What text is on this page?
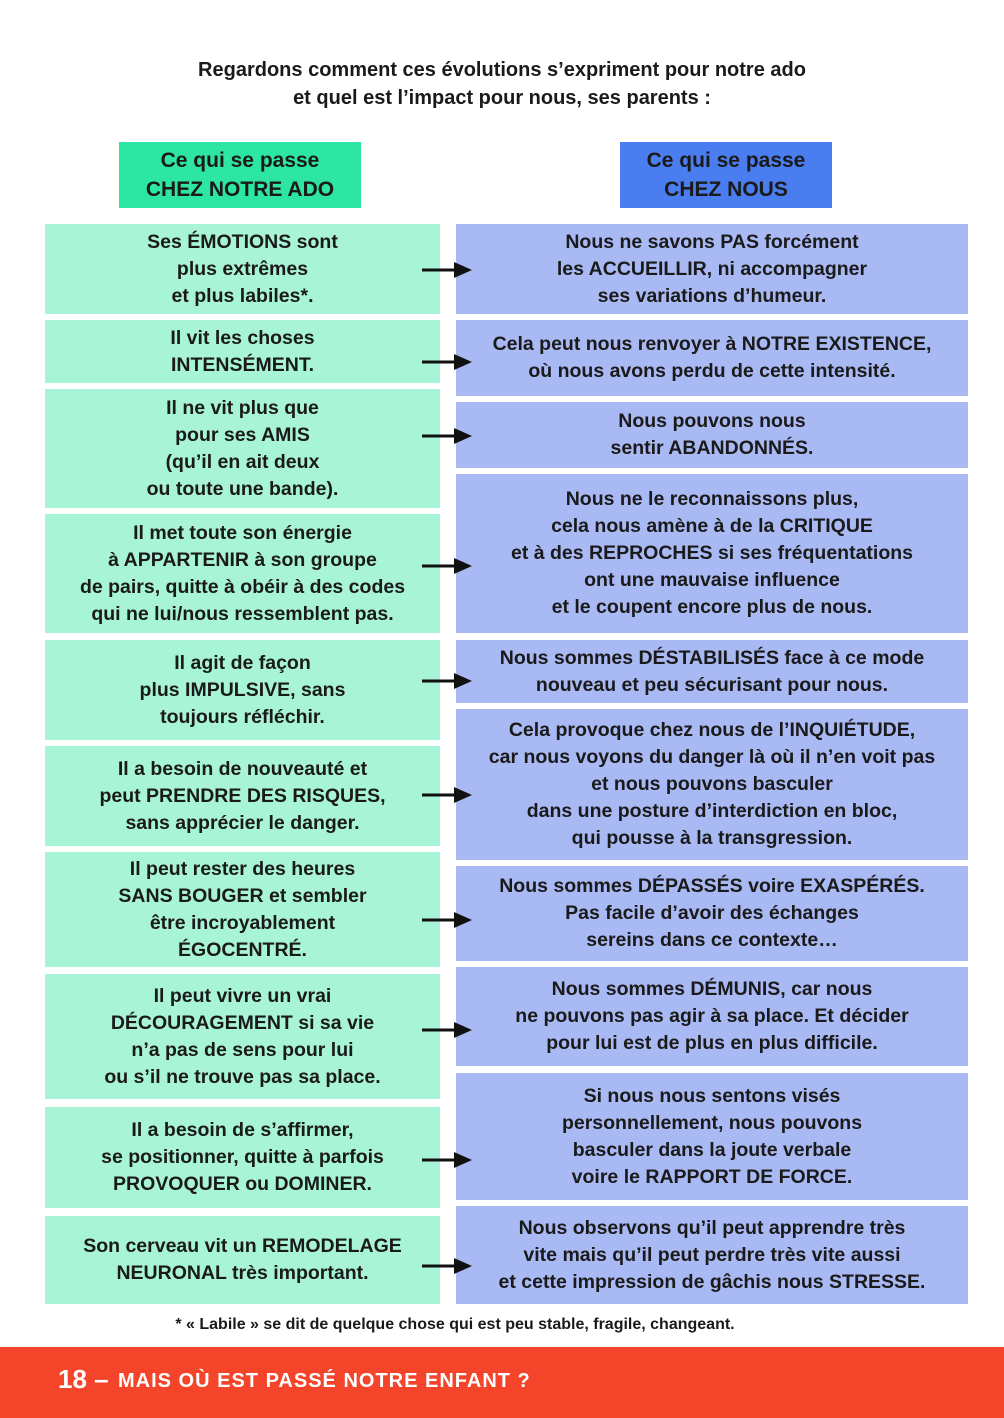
Regardons comment ces évolutions s’expriment pour notre ado
et quel est l’impact pour nous, ses parents :
Ce qui se passe
CHEZ NOTRE ADO
Ce qui se passe
CHEZ NOUS
Ses ÉMOTIONS sont
plus extrêmes
et plus labiles*.
Il vit les choses
INTENSÉMENT.
Il ne vit plus que
pour ses AMIS
(qu’il en ait deux
ou toute une bande).
Il met toute son énergie
à APPARTENIR à son groupe
de pairs, quitte à obéir à des codes
qui ne lui/nous ressemblent pas.
Il agit de façon
plus IMPULSIVE, sans
toujours réfléchir.
Il a besoin de nouveauté et
peut PRENDRE DES RISQUES,
sans apprécier le danger.
Il peut rester des heures
SANS BOUGER et sembler
être incroyablement
ÉGOCENTRÉ.
Il peut vivre un vrai
DÉCOURAGEMENT si sa vie
n’a pas de sens pour lui
ou s’il ne trouve pas sa place.
Il a besoin de s’affirmer,
se positionner, quitte à parfois
PROVOQUER ou DOMINER.
Son cerveau vit un REMODELAGE
NEURONAL très important.
Nous ne savons PAS forcément
les ACCUEILLIR, ni accompagner
ses variations d’humeur.
Cela peut nous renvoyer à NOTRE EXISTENCE,
où nous avons perdu de cette intensité.
Nous pouvons nous
sentir ABANDONNÉS.
Nous ne le reconnaissons plus,
cela nous amène à de la CRITIQUE
et à des REPROCHES si ses fréquentations
ont une mauvaise influence
et le coupent encore plus de nous.
Nous sommes DÉSTABILISÉS face à ce mode
nouveau et peu sécurisant pour nous.
Cela provoque chez nous de l’INQUIÉTUDE,
car nous voyons du danger là où il n’en voit pas
et nous pouvons basculer
dans une posture d’interdiction en bloc,
qui pousse à la transgression.
Nous sommes DÉPASSÉS voire EXASPÉRÉS.
Pas facile d’avoir des échanges
sereins dans ce contexte…
Nous sommes DÉMUNIS, car nous
ne pouvons pas agir à sa place. Et décider
pour lui est de plus en plus difficile.
Si nous nous sentons visés
personnellement, nous pouvons
basculer dans la joute verbale
voire le RAPPORT DE FORCE.
Nous observons qu’il peut apprendre très
vite mais qu’il peut perdre très vite aussi
et cette impression de gâchis nous STRESSE.
* « Labile » se dit de quelque chose qui est peu stable, fragile, changeant.
18 – MAIS OÙ EST PASSÉ NOTRE ENFANT ?
